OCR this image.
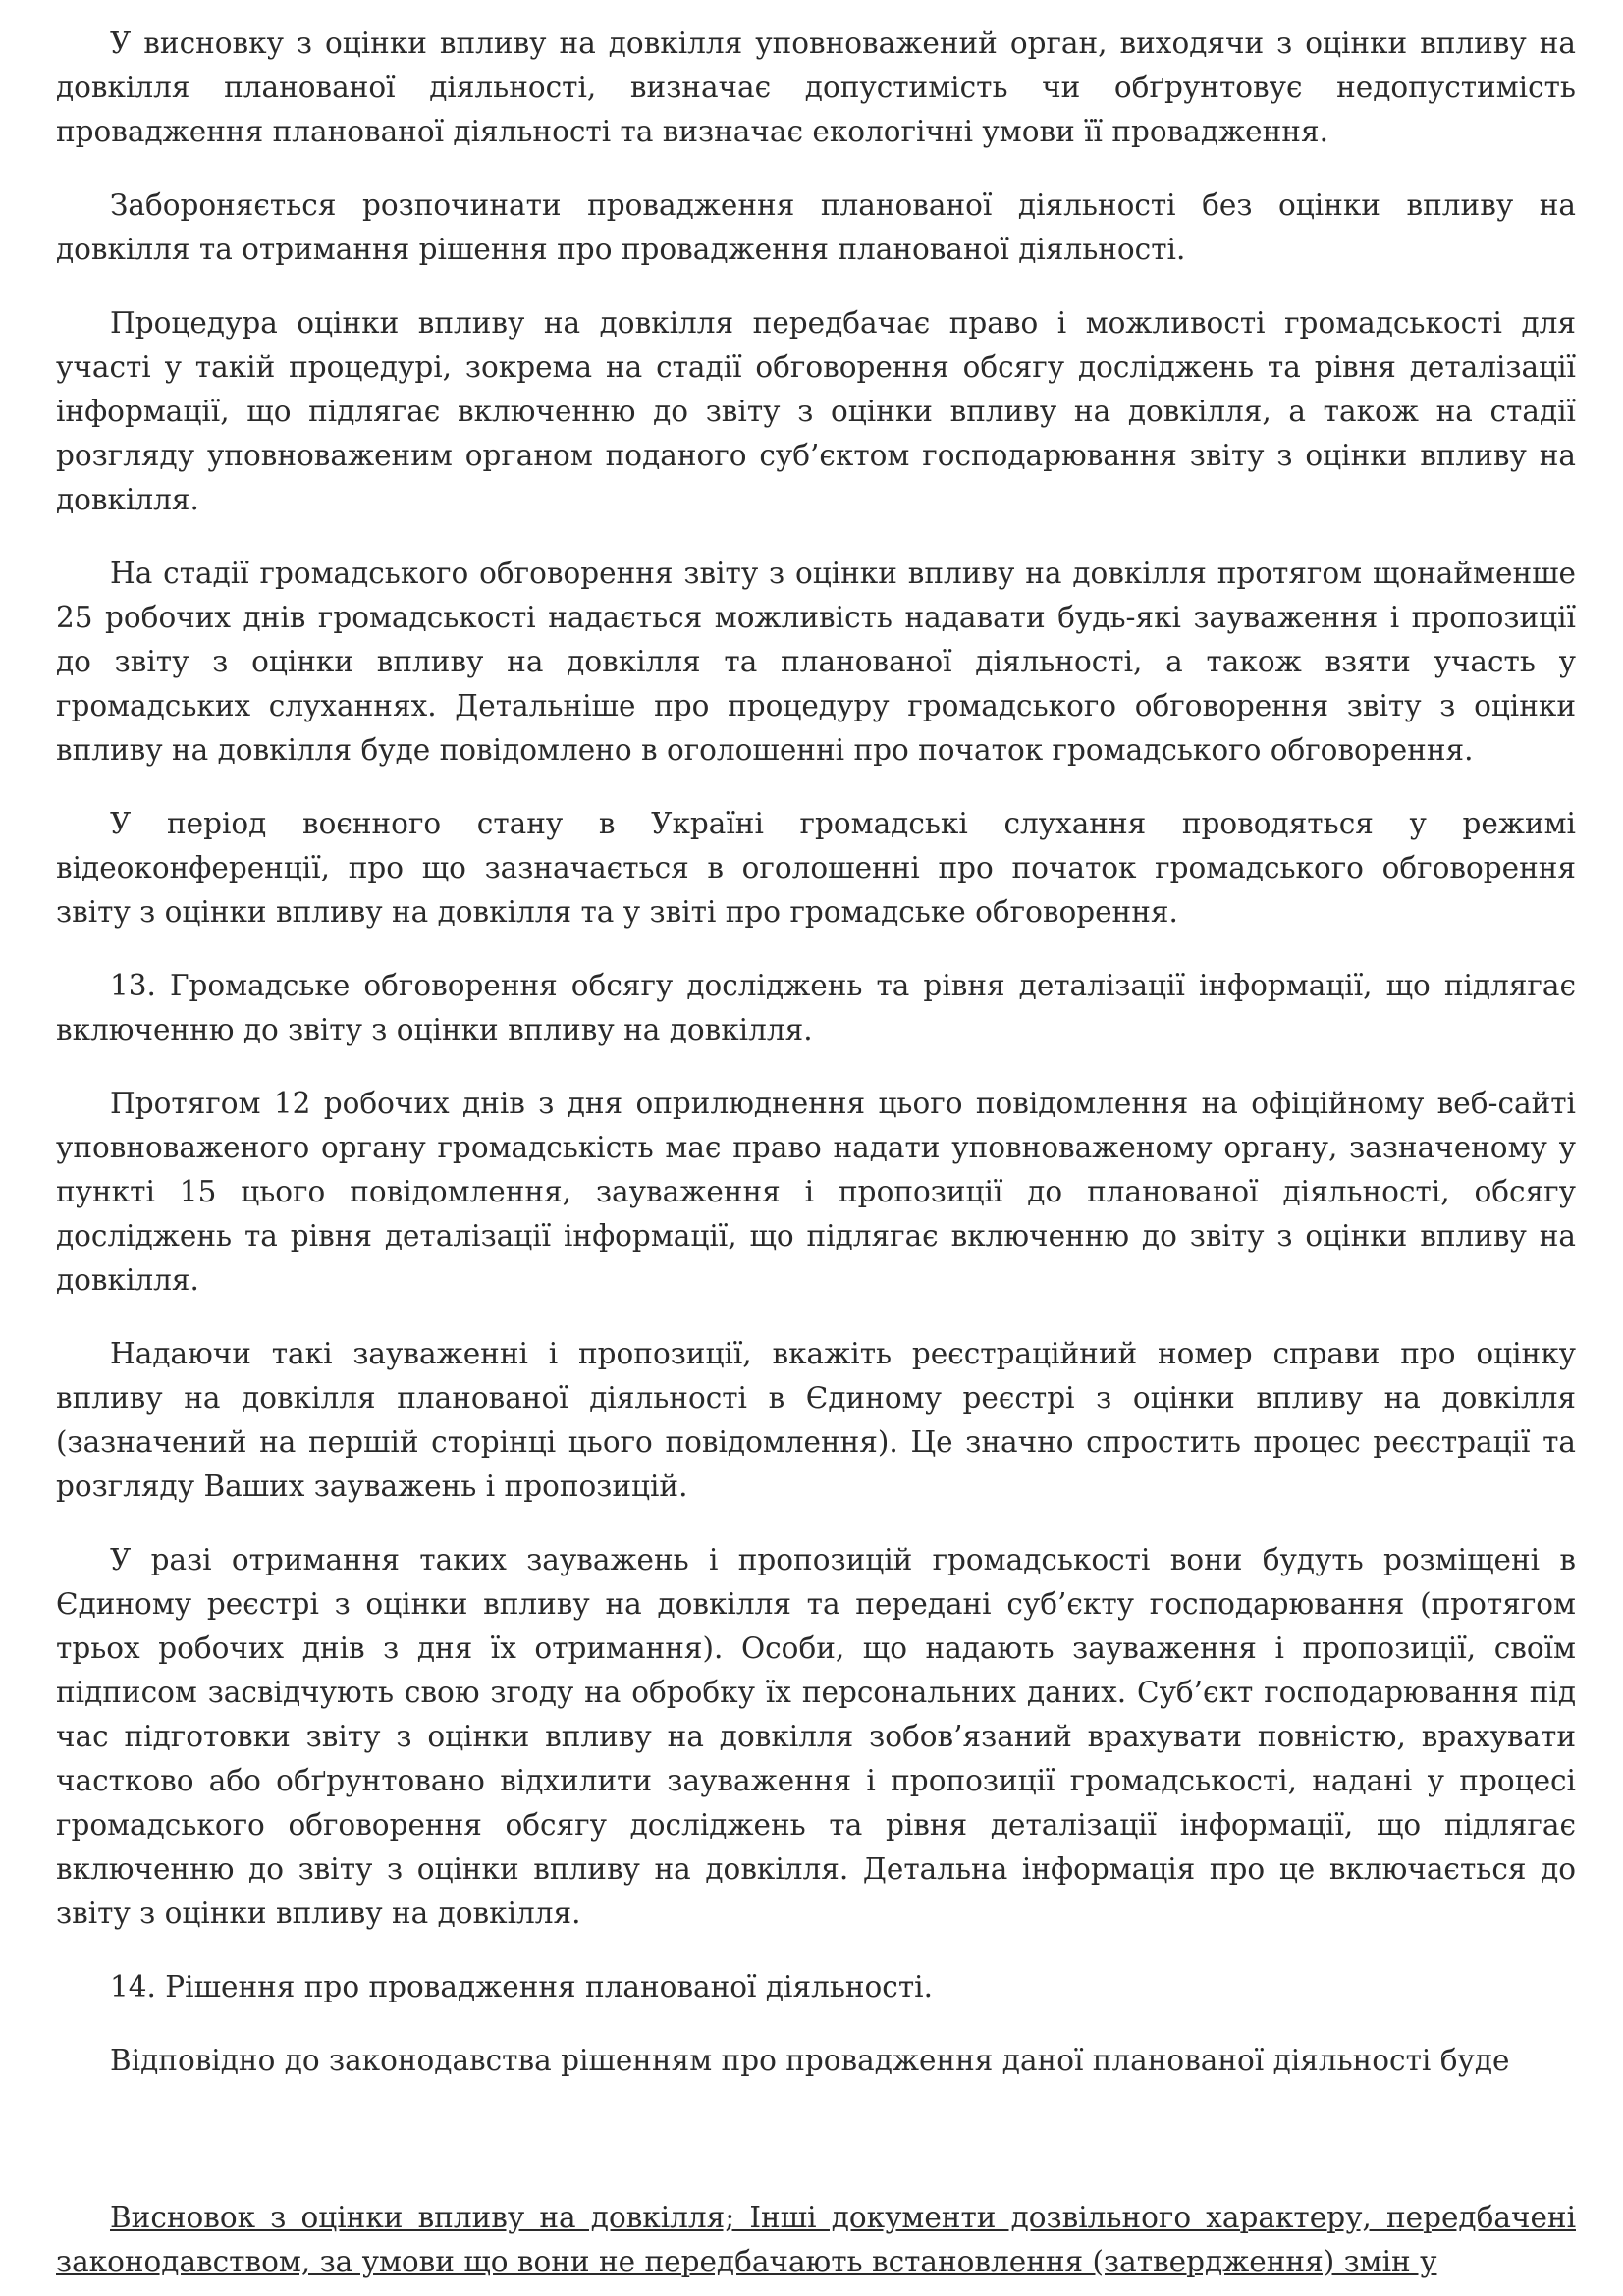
У висновку з оцінки впливу на довкілля уповноважений орган, виходячи з оцінки впливу на довкілля планованої діяльності, визначає допустимість чи обґрунтовує недопустимість провадження планованої діяльності та визначає екологічні умови її провадження.

Забороняється розпочинати провадження планованої діяльності без оцінки впливу на довкілля та отримання рішення про провадження планованої діяльності.

Процедура оцінки впливу на довкілля передбачає право і можливості громадськості для участі у такій процедурі, зокрема на стадії обговорення обсягу досліджень та рівня деталізації інформації, що підлягає включенню до звіту з оцінки впливу на довкілля, а також на стадії розгляду уповноваженим органом поданого суб’єктом господарювання звіту з оцінки впливу на довкілля.

На стадії громадського обговорення звіту з оцінки впливу на довкілля протягом щонайменше 25 робочих днів громадськості надається можливість надавати будь-які зауваження і пропозиції до звіту з оцінки впливу на довкілля та планованої діяльності, а також взяти участь у громадських слуханнях. Детальніше про процедуру громадського обговорення звіту з оцінки впливу на довкілля буде повідомлено в оголошенні про початок громадського обговорення.

У період воєнного стану в Україні громадські слухання проводяться у режимі відеоконференції, про що зазначається в оголошенні про початок громадського обговорення звіту з оцінки впливу на довкілля та у звіті про громадське обговорення.

13. Громадське обговорення обсягу досліджень та рівня деталізації інформації, що підлягає включенню до звіту з оцінки впливу на довкілля.

Протягом 12 робочих днів з дня оприлюднення цього повідомлення на офіційному веб-сайті уповноваженого органу громадськість має право надати уповноваженому органу, зазначеному у пункті 15 цього повідомлення, зауваження і пропозиції до планованої діяльності, обсягу досліджень та рівня деталізації інформації, що підлягає включенню до звіту з оцінки впливу на довкілля.

Надаючи такі зауваженні і пропозиції, вкажіть реєстраційний номер справи про оцінку впливу на довкілля планованої діяльності в Єдиному реєстрі з оцінки впливу на довкілля (зазначений на першій сторінці цього повідомлення). Це значно спростить процес реєстрації та розгляду Ваших зауважень і пропозицій.

У разі отримання таких зауважень і пропозицій громадськості вони будуть розміщені в Єдиному реєстрі з оцінки впливу на довкілля та передані суб’єкту господарювання (протягом трьох робочих днів з дня їх отримання). Особи, що надають зауваження і пропозиції, своїм підписом засвідчують свою згоду на обробку їх персональних даних. Суб’єкт господарювання під час підготовки звіту з оцінки впливу на довкілля зобов’язаний врахувати повністю, врахувати частково або обґрунтовано відхилити зауваження і пропозиції громадськості, надані у процесі громадського обговорення обсягу досліджень та рівня деталізації інформації, що підлягає включенню до звіту з оцінки впливу на довкілля. Детальна інформація про це включається до звіту з оцінки впливу на довкілля.

14. Рішення про провадження планованої діяльності.

Відповідно до законодавства рішенням про провадження даної планованої діяльності буде

Висновок з оцінки впливу на довкілля; Інші документи дозвільного характеру, передбачені законодавством, за умови що вони не передбачають встановлення (затвердження) змін у
